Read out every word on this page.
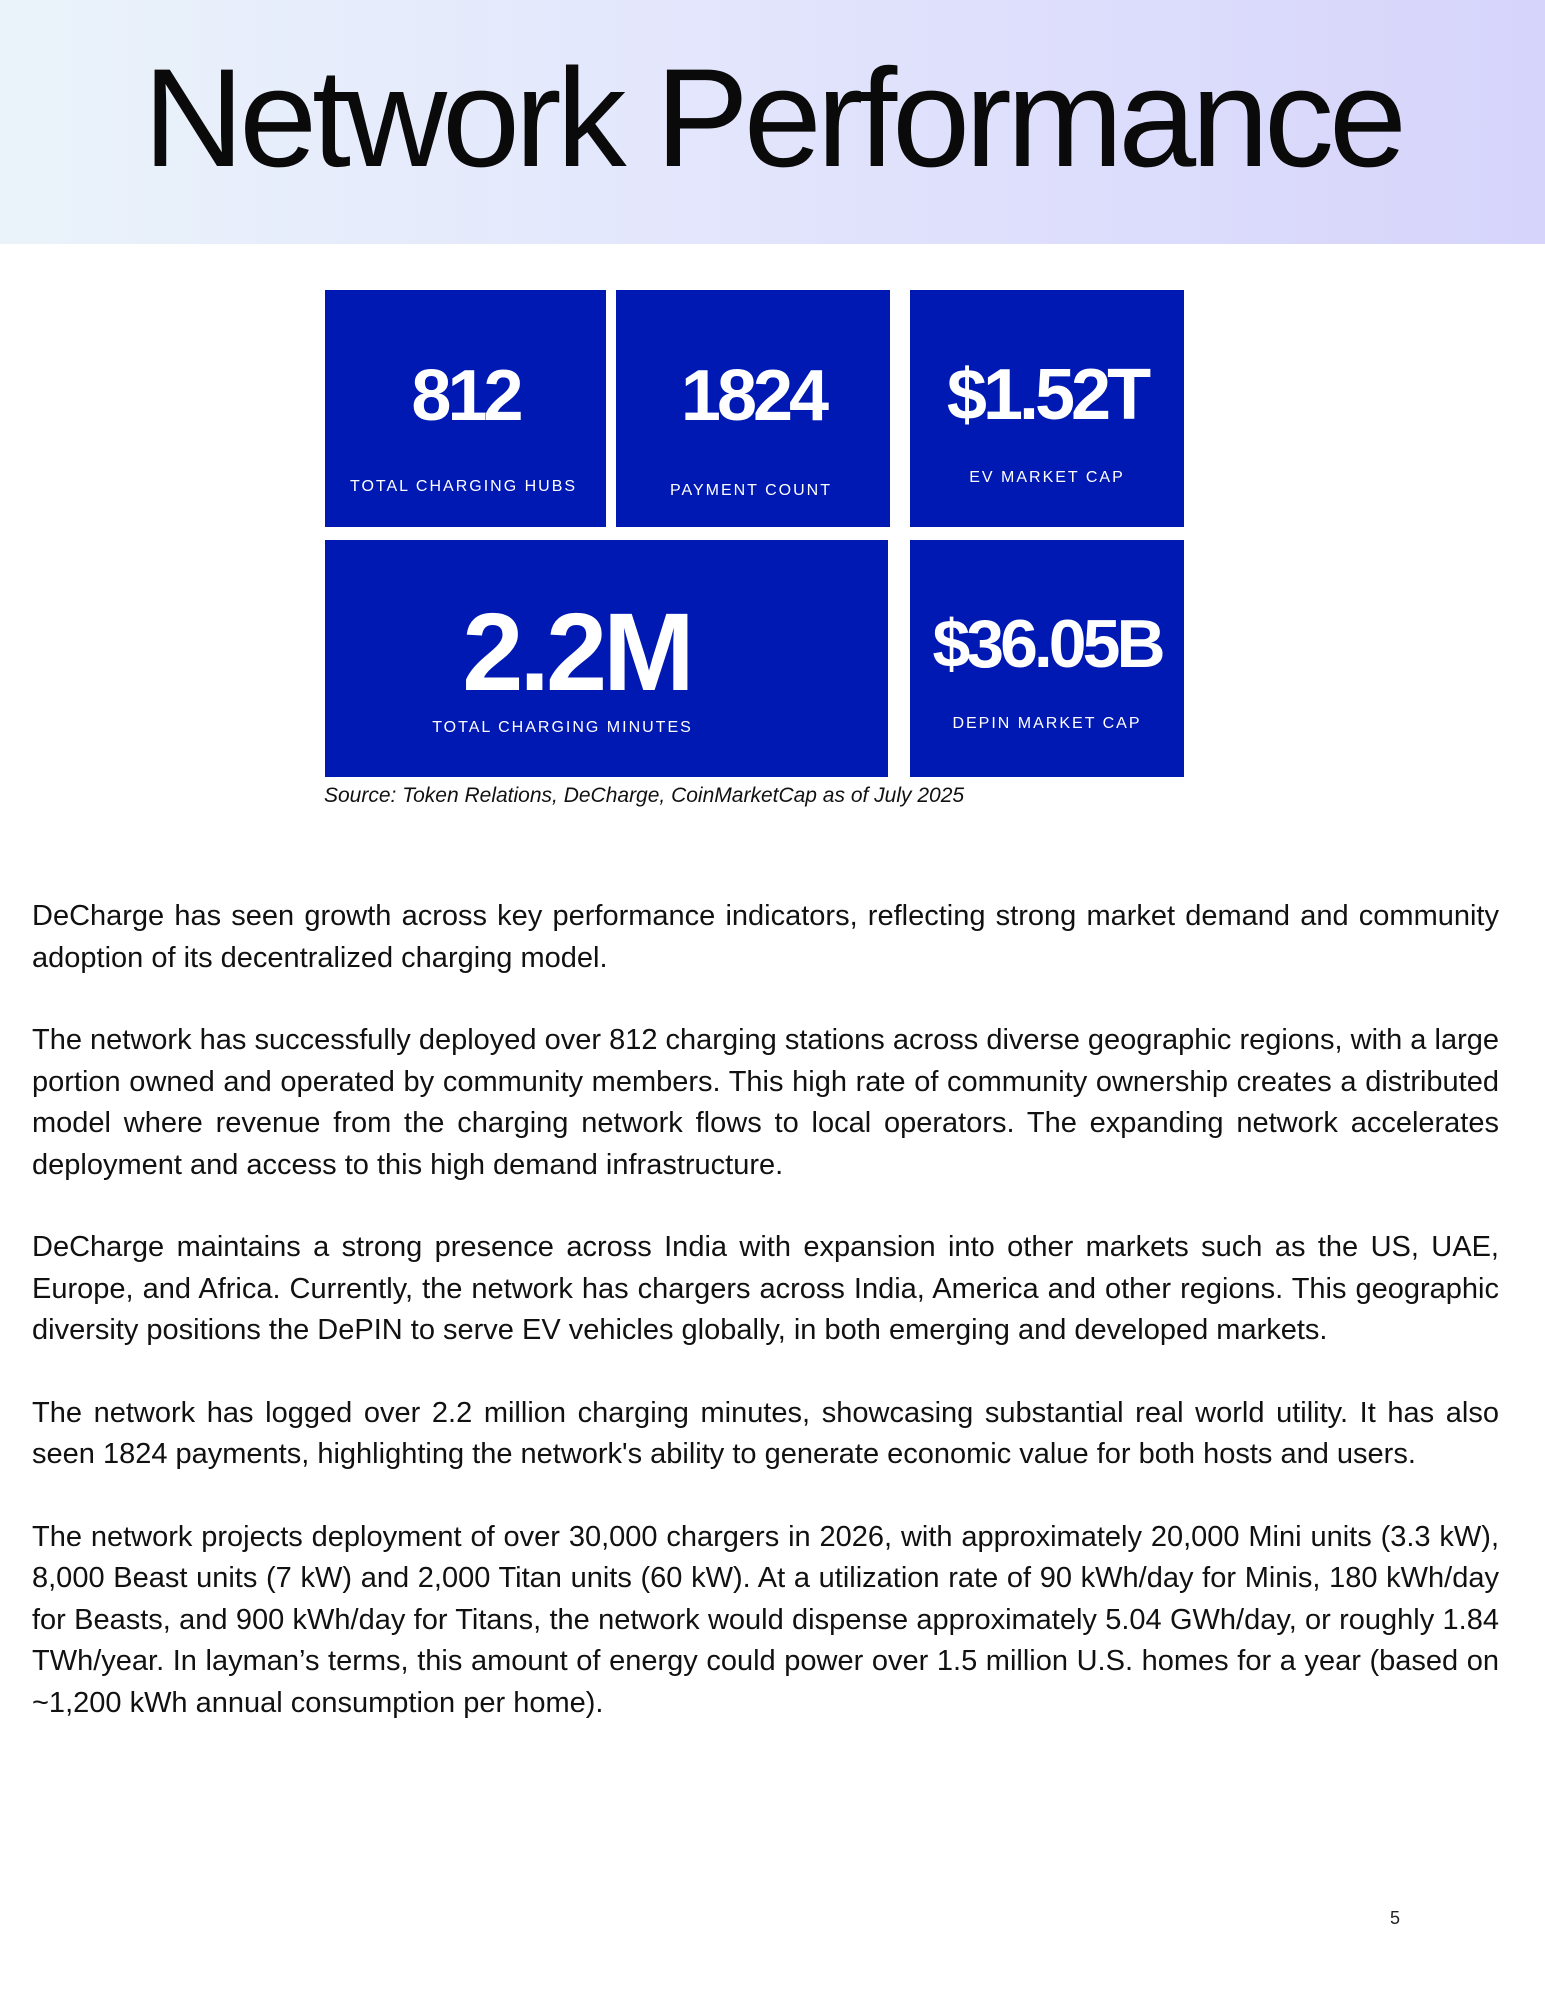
Network Performance
812
TOTAL CHARGING HUBS
1824
PAYMENT COUNT
$1.52T
EV MARKET CAP
2.2M
TOTAL CHARGING MINUTES
$36.05B
DEPIN MARKET CAP
Source: Token Relations, DeCharge, CoinMarketCap as of July 2025

DeCharge has seen growth across key performance indicators, reflecting strong market demand and community adoption of its decentralized charging model.

The network has successfully deployed over 812 charging stations across diverse geographic regions, with a large portion owned and operated by community members. This high rate of community ownership creates a distributed model where revenue from the charging network flows to local operators. The expanding network accelerates deployment and access to this high demand infrastructure.

DeCharge maintains a strong presence across India with expansion into other markets such as the US, UAE, Europe, and Africa. Currently, the network has chargers across India, America and other regions. This geographic diversity positions the DePIN to serve EV vehicles globally, in both emerging and developed markets.

The network has logged over 2.2 million charging minutes, showcasing substantial real world utility. It has also seen 1824 payments, highlighting the network's ability to generate economic value for both hosts and users.

The network projects deployment of over 30,000 chargers in 2026, with approximately 20,000 Mini units (3.3 kW), 8,000 Beast units (7 kW) and 2,000 Titan units (60 kW). At a utilization rate of 90 kWh/day for Minis, 180 kWh/day for Beasts, and 900 kWh/day for Titans, the network would dispense approximately 5.04 GWh/day, or roughly 1.84 TWh/year. In layman’s terms, this amount of energy could power over 1.5 million U.S. homes for a year (based on ~1,200 kWh annual consumption per home).

5
